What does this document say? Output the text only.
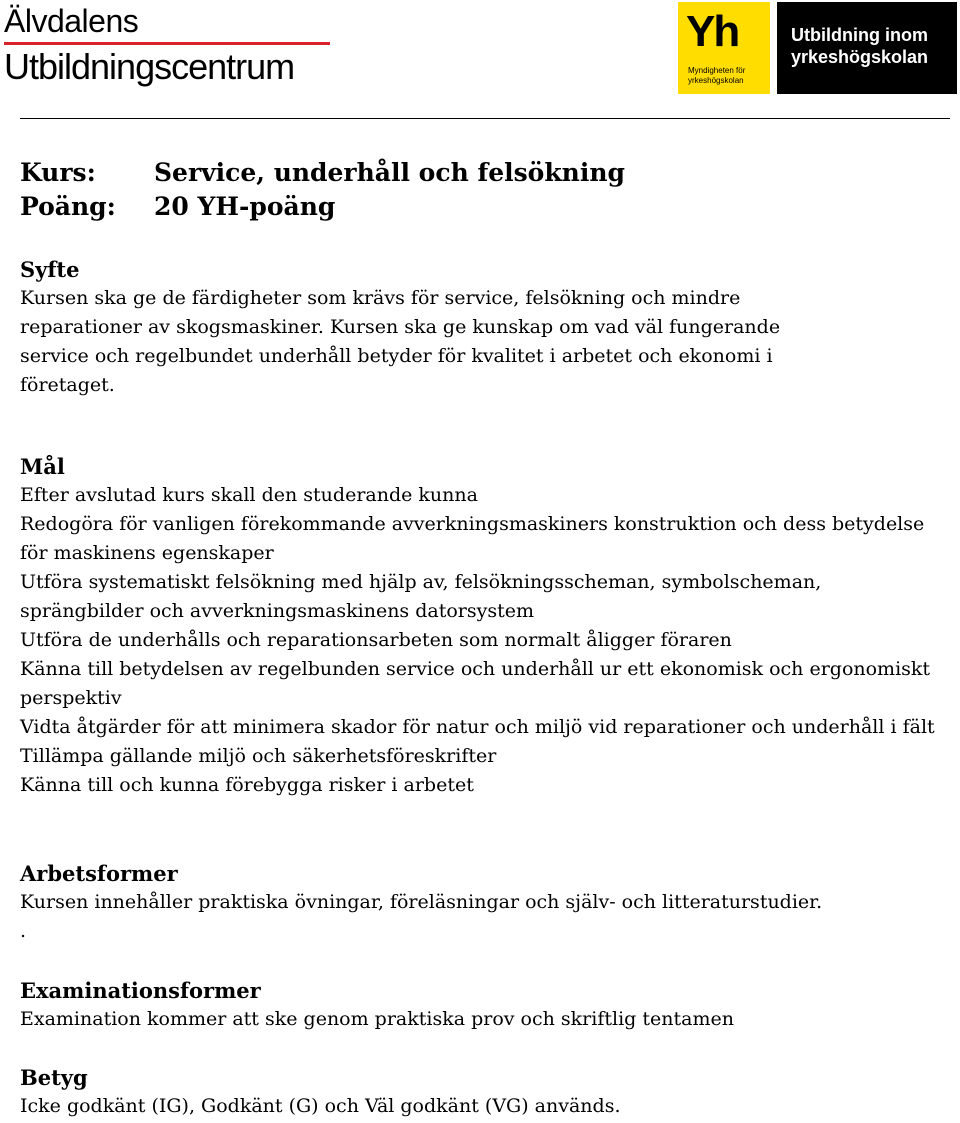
Älvdalens
Utbildningscentrum
Yh
Myndigheten för yrkeshögskolan
Utbildning inom yrkeshögskolan
Kurs:	Service, underhåll och felsökning
Poäng:	20 YH-poäng
Syfte
Kursen ska ge de färdigheter som krävs för service, felsökning och mindre reparationer av skogsmaskiner. Kursen ska ge kunskap om vad väl fungerande service och regelbundet underhåll betyder för kvalitet i arbetet och ekonomi i företaget.
Mål
Efter avslutad kurs skall den studerande kunna
Redogöra för vanligen förekommande avverkningsmaskiners konstruktion och dess betydelse för maskinens egenskaper
Utföra systematiskt felsökning med hjälp av, felsökningsscheman, symbolscheman, sprängbilder och avverkningsmaskinens datorsystem
Utföra de underhålls och reparationsarbeten som normalt åligger föraren
Känna till betydelsen av regelbunden service och underhåll ur ett ekonomisk och ergonomiskt perspektiv
Vidta åtgärder för att minimera skador för natur och miljö vid reparationer och underhåll i fält
Tillämpa gällande miljö och säkerhetsföreskrifter
Känna till och kunna förebygga risker i arbetet
Arbetsformer
Kursen innehåller praktiska övningar, föreläsningar och själv- och litteraturstudier.
.
Examinationsformer
Examination kommer att ske genom praktiska prov och skriftlig tentamen
Betyg
Icke godkänt (IG), Godkänt (G) och Väl godkänt (VG) används.
